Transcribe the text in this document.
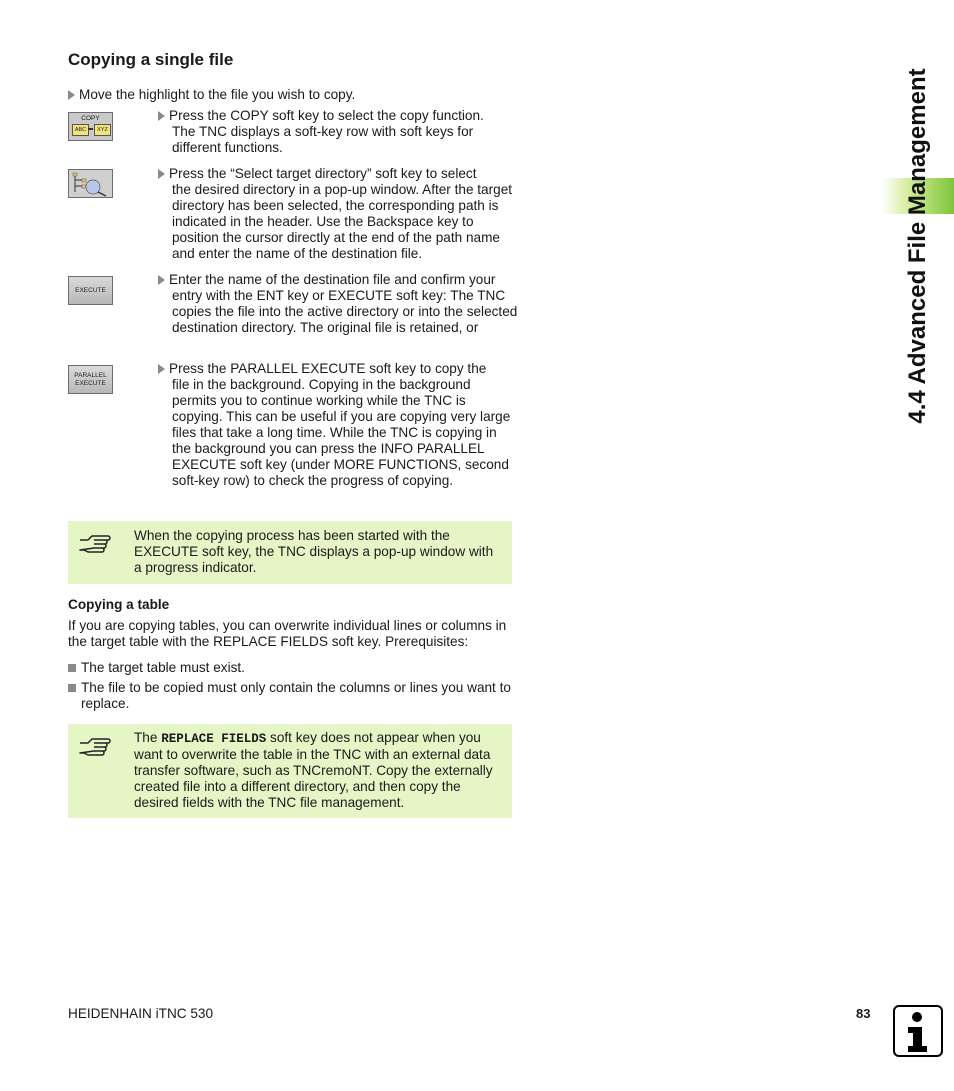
Copying a single file
Move the highlight to the file you wish to copy.
COPY
ABC	XYZ
Press the COPY soft key to select the copy function.
The TNC displays a soft-key row with soft keys for different functions.
Press the “Select target directory” soft key to select
the desired directory in a pop-up window. After the target directory has been selected, the corresponding path is indicated in the header. Use the Backspace key to position the cursor directly at the end of the path name and enter the name of the destination file.
EXECUTE
Enter the name of the destination file and confirm your
entry with the ENT key or EXECUTE soft key: The TNC copies the file into the active directory or into the selected destination directory. The original file is retained, or
PARALLEL
EXECUTE
Press the PARALLEL EXECUTE soft key to copy the
file in the background. Copying in the background permits you to continue working while the TNC is copying. This can be useful if you are copying very large files that take a long time. While the TNC is copying in the background you can press the INFO PARALLEL EXECUTE soft key (under MORE FUNCTIONS, second soft-key row) to check the progress of copying.
When the copying process has been started with the EXECUTE soft key, the TNC displays a pop-up window with a progress indicator.
Copying a table
If you are copying tables, you can overwrite individual lines or columns in the target table with the REPLACE FIELDS soft key. Prerequisites:
The target table must exist.
The file to be copied must only contain the columns or lines you want to replace.
The REPLACE FIELDS soft key does not appear when you want to overwrite the table in the TNC with an external data transfer software, such as TNCremoNT. Copy the externally created file into a different directory, and then copy the desired fields with the TNC file management.
4.4 Advanced File Management
HEIDENHAIN iTNC 530	83
